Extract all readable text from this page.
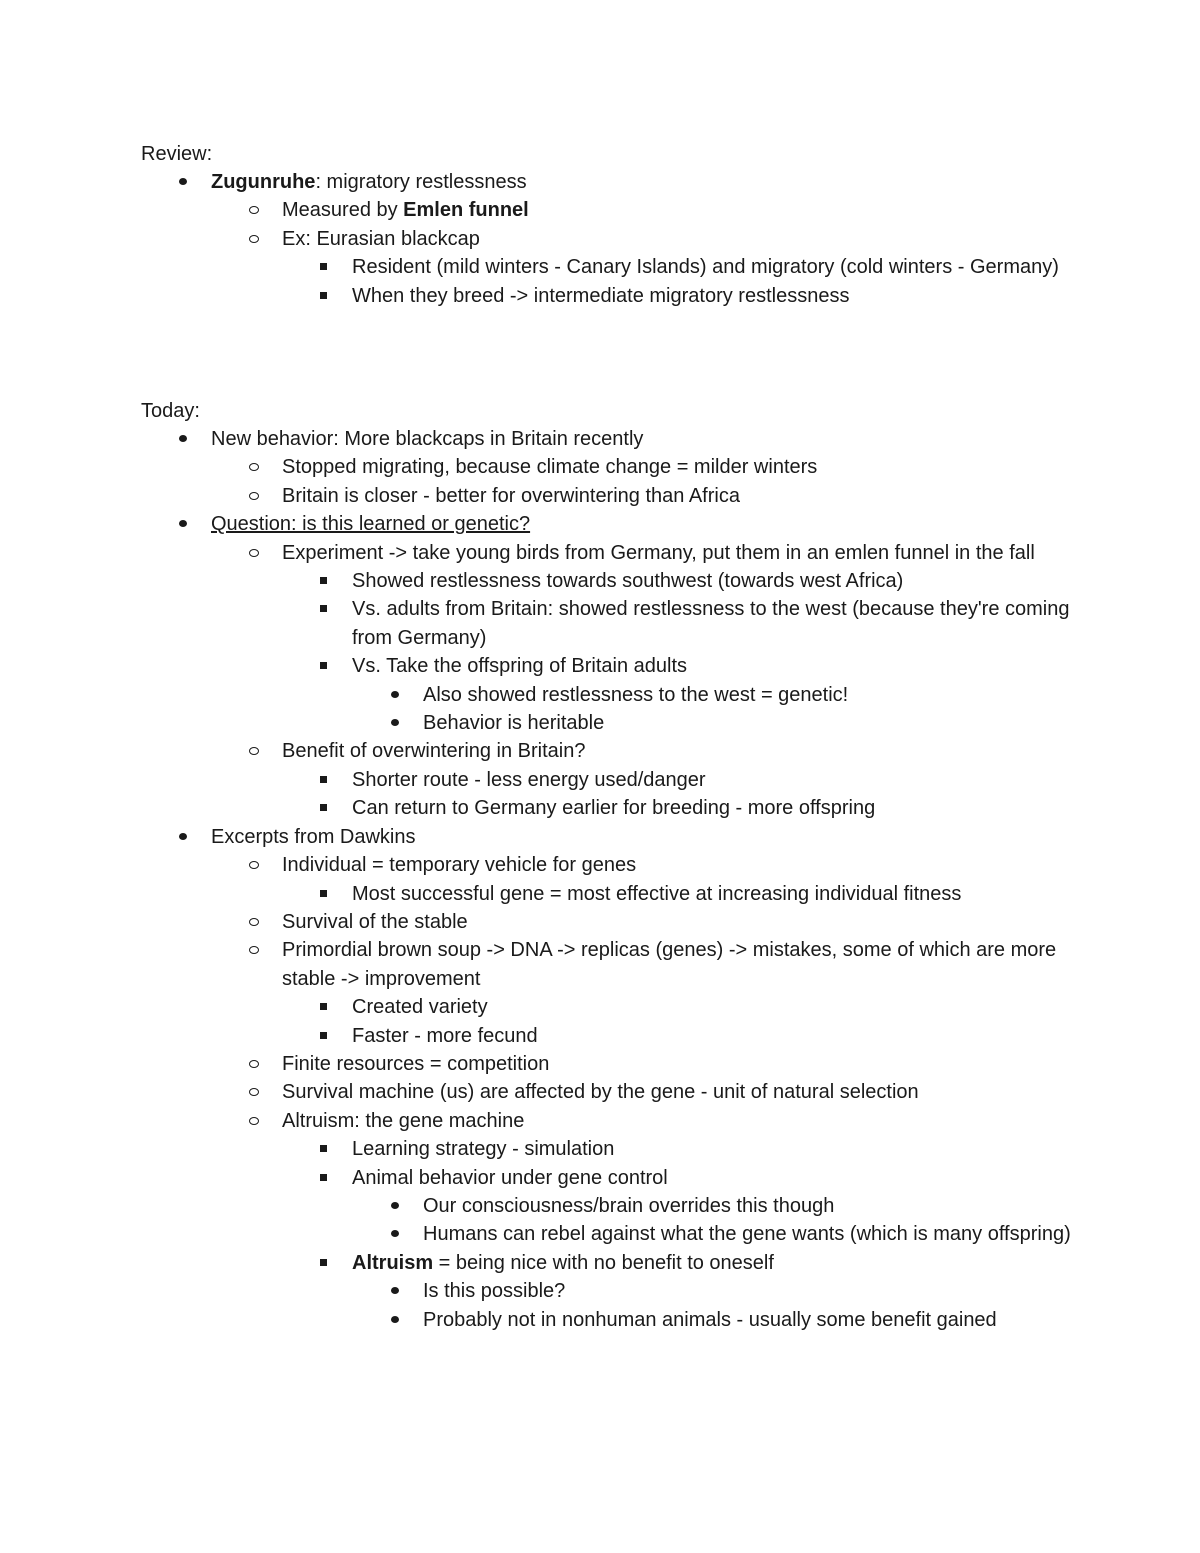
Review:
Zugunruhe: migratory restlessness
Measured by Emlen funnel
Ex: Eurasian blackcap
Resident (mild winters - Canary Islands) and migratory (cold winters - Germany)
When they breed -> intermediate migratory restlessness
Today:
New behavior: More blackcaps in Britain recently
Stopped migrating, because climate change = milder winters
Britain is closer - better for overwintering than Africa
Question: is this learned or genetic?
Experiment -> take young birds from Germany, put them in an emlen funnel in the fall
Showed restlessness towards southwest (towards west Africa)
Vs. adults from Britain: showed restlessness to the west (because they're coming from Germany)
Vs. Take the offspring of Britain adults
Also showed restlessness to the west = genetic!
Behavior is heritable
Benefit of overwintering in Britain?
Shorter route - less energy used/danger
Can return to Germany earlier for breeding - more offspring
Excerpts from Dawkins
Individual = temporary vehicle for genes
Most successful gene = most effective at increasing individual fitness
Survival of the stable
Primordial brown soup -> DNA -> replicas (genes) -> mistakes, some of which are more stable -> improvement
Created variety
Faster - more fecund
Finite resources = competition
Survival machine (us) are affected by the gene - unit of natural selection
Altruism: the gene machine
Learning strategy - simulation
Animal behavior under gene control
Our consciousness/brain overrides this though
Humans can rebel against what the gene wants (which is many offspring)
Altruism = being nice with no benefit to oneself
Is this possible?
Probably not in nonhuman animals - usually some benefit gained
